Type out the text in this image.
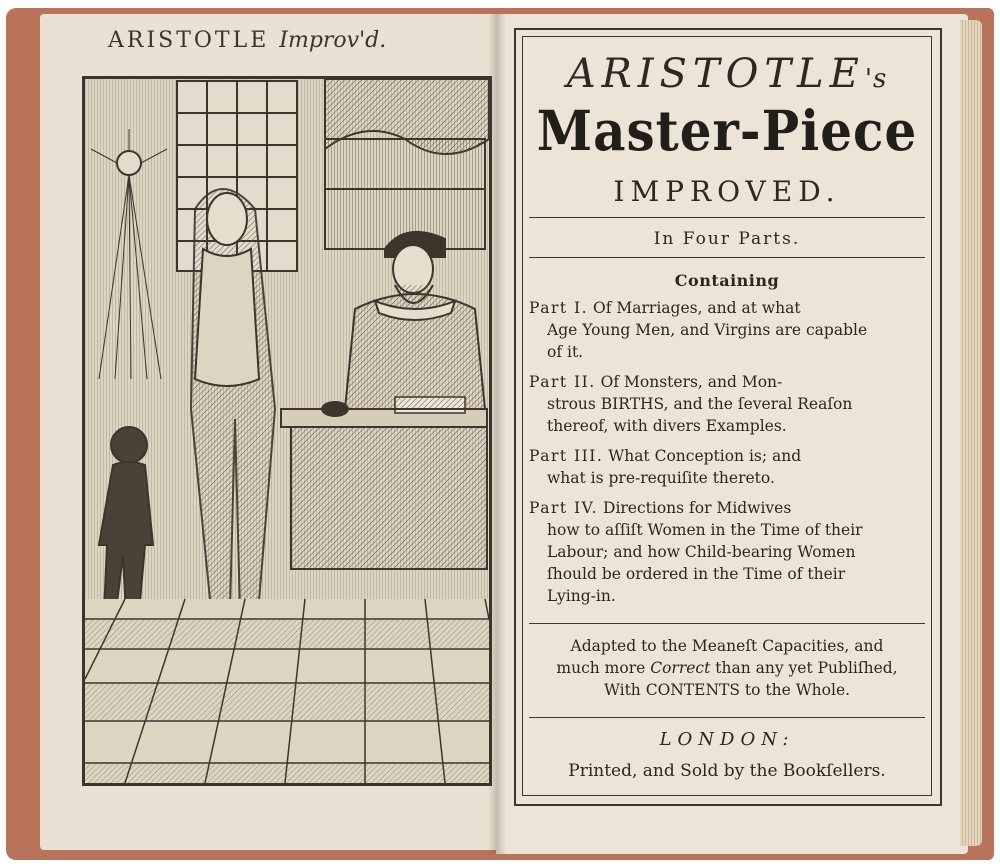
ARISTOTLE Improv'd.
ARISTOTLE's
Master-Piece
IMPROVED.
In Four Parts.
Containing
Part I. Of Marriages, and at what
Age Young Men, and Virgins are capable
of it.
Part II. Of Monsters, and Mon-
strous BIRTHS, and the ſeveral Reaſon
thereof, with divers Examples.
Part III. What Conception is; and
what is pre-requiſite thereto.
Part IV. Directions for Midwives
how to aſſiſt Women in the Time of their
Labour; and how Child-bearing Women
ſhould be ordered in the Time of their
Lying-in.
Adapted to the Meaneſt Capacities, and
much more Correct than any yet Publiſhed,
With CONTENTS to the Whole.
LONDON:
Printed, and Sold by the Bookſellers.
